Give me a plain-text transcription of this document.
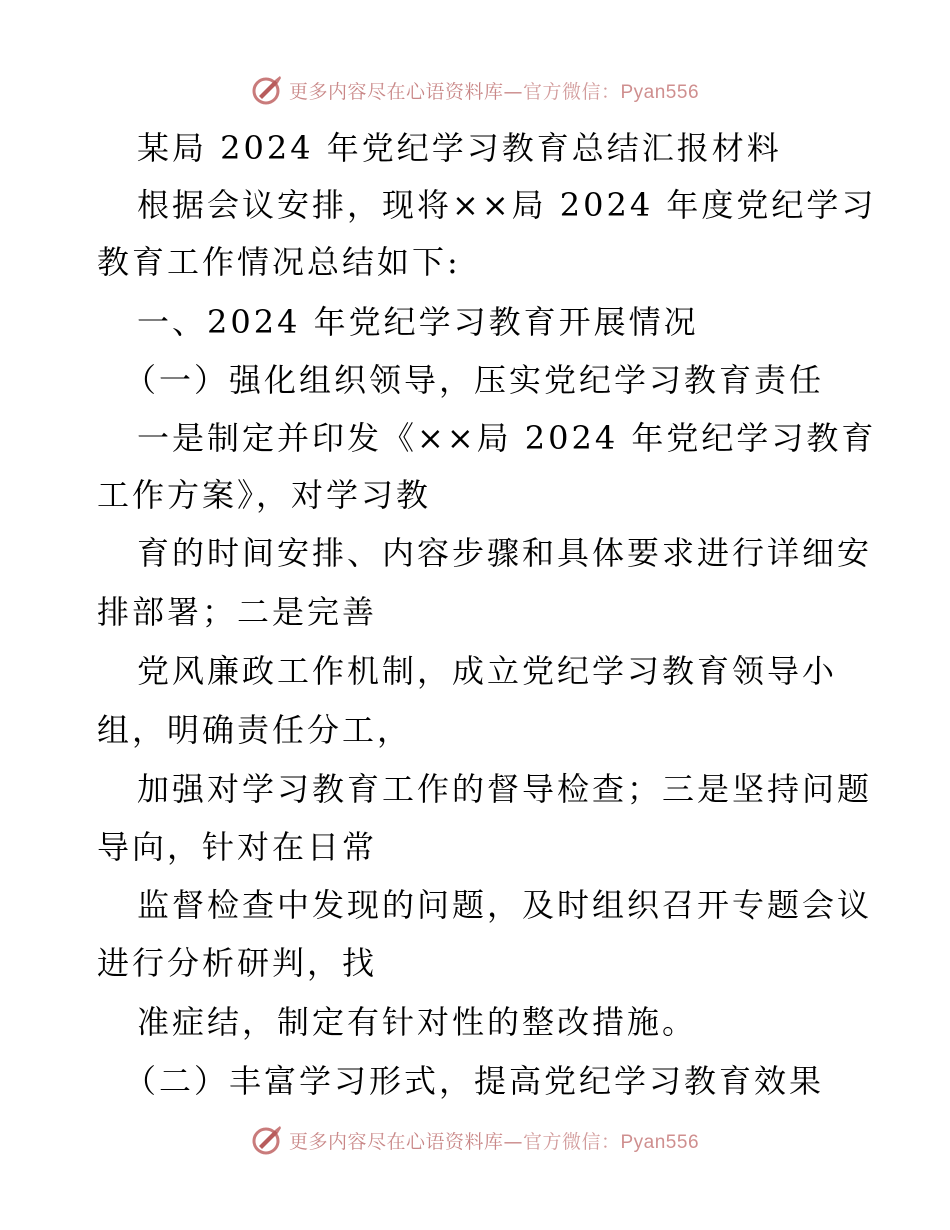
更多内容尽在心语资料库—官方微信：Pyan556
某局 2024 年党纪学习教育总结汇报材料
根据会议安排，现将××局 2024 年度党纪学习
教育工作情况总结如下:
一、2024 年党纪学习教育开展情况
（一）强化组织领导，压实党纪学习教育责任
一是制定并印发《××局 2024 年党纪学习教育
工作方案》，对学习教
育的时间安排、内容步骤和具体要求进行详细安
排部署；二是完善
党风廉政工作机制，成立党纪学习教育领导小
组，明确责任分工，
加强对学习教育工作的督导检查；三是坚持问题
导向，针对在日常
监督检查中发现的问题，及时组织召开专题会议
进行分析研判，找
准症结，制定有针对性的整改措施。
（二）丰富学习形式，提高党纪学习教育效果
更多内容尽在心语资料库—官方微信：Pyan556
